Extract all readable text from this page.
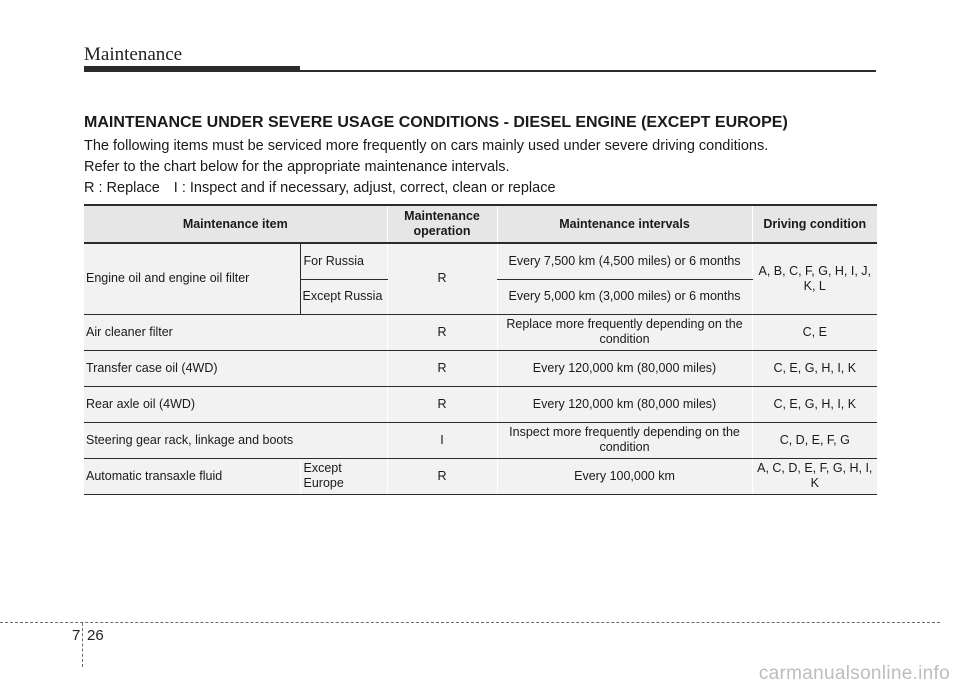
Maintenance
MAINTENANCE UNDER SEVERE USAGE CONDITIONS - DIESEL ENGINE (EXCEPT EUROPE)

The following items must be serviced more frequently on cars mainly used under severe driving conditions.

Refer to the chart below for the appropriate maintenance intervals.

R : Replace I : Inspect and if necessary, adjust, correct, clean or replace

Maintenance item		Maintenance operation	Maintenance intervals	Driving condition
Engine oil and engine oil filter	For Russia	R	Every 7,500 km (4,500 miles) or 6 months	A, B, C, F, G, H, I, J, K, L
	Except Russia		Every 5,000 km (3,000 miles) or 6 months	
Air cleaner filter		R	Replace more frequently depending on the condition	C, E
Transfer case oil (4WD)		R	Every 120,000 km (80,000 miles)	C, E, G, H, I, K
Rear axle oil (4WD)		R	Every 120,000 km (80,000 miles)	C, E, G, H, I, K
Steering gear rack, linkage and boots		I	Inspect more frequently depending on the condition	C, D, E, F, G
Automatic transaxle fluid	Except Europe	R	Every 100,000 km	A, C, D, E, F, G, H, I, K
7 26
carmanualsonline.info
